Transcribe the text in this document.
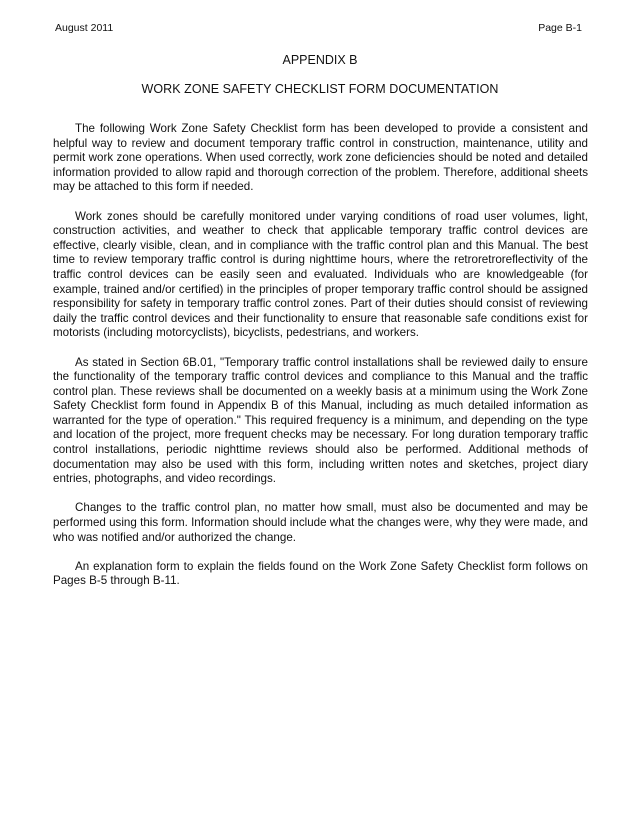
August 2011	Page B-1
APPENDIX B
WORK ZONE SAFETY CHECKLIST FORM DOCUMENTATION

The following Work Zone Safety Checklist form has been developed to provide a consistent and helpful way to review and document temporary traffic control in construction, maintenance, utility and permit work zone operations. When used correctly, work zone deficiencies should be noted and detailed information provided to allow rapid and thorough correction of the problem. Therefore, additional sheets may be attached to this form if needed.

Work zones should be carefully monitored under varying conditions of road user volumes, light, construction activities, and weather to check that applicable temporary traffic control devices are effective, clearly visible, clean, and in compliance with the traffic control plan and this Manual. The best time to review temporary traffic control is during nighttime hours, where the retroretroreflectivity of the traffic control devices can be easily seen and evaluated. Individuals who are knowledgeable (for example, trained and/or certified) in the principles of proper temporary traffic control should be assigned responsibility for safety in temporary traffic control zones. Part of their duties should consist of reviewing daily the traffic control devices and their functionality to ensure that reasonable safe conditions exist for motorists (including motorcyclists), bicyclists, pedestrians, and workers.

As stated in Section 6B.01, "Temporary traffic control installations shall be reviewed daily to ensure the functionality of the temporary traffic control devices and compliance to this Manual and the traffic control plan. These reviews shall be documented on a weekly basis at a minimum using the Work Zone Safety Checklist form found in Appendix B of this Manual, including as much detailed information as warranted for the type of operation." This required frequency is a minimum, and depending on the type and location of the project, more frequent checks may be necessary. For long duration temporary traffic control installations, periodic nighttime reviews should also be performed. Additional methods of documentation may also be used with this form, including written notes and sketches, project diary entries, photographs, and video recordings.

Changes to the traffic control plan, no matter how small, must also be documented and may be performed using this form. Information should include what the changes were, why they were made, and who was notified and/or authorized the change.

An explanation form to explain the fields found on the Work Zone Safety Checklist form follows on Pages B-5 through B-11.
